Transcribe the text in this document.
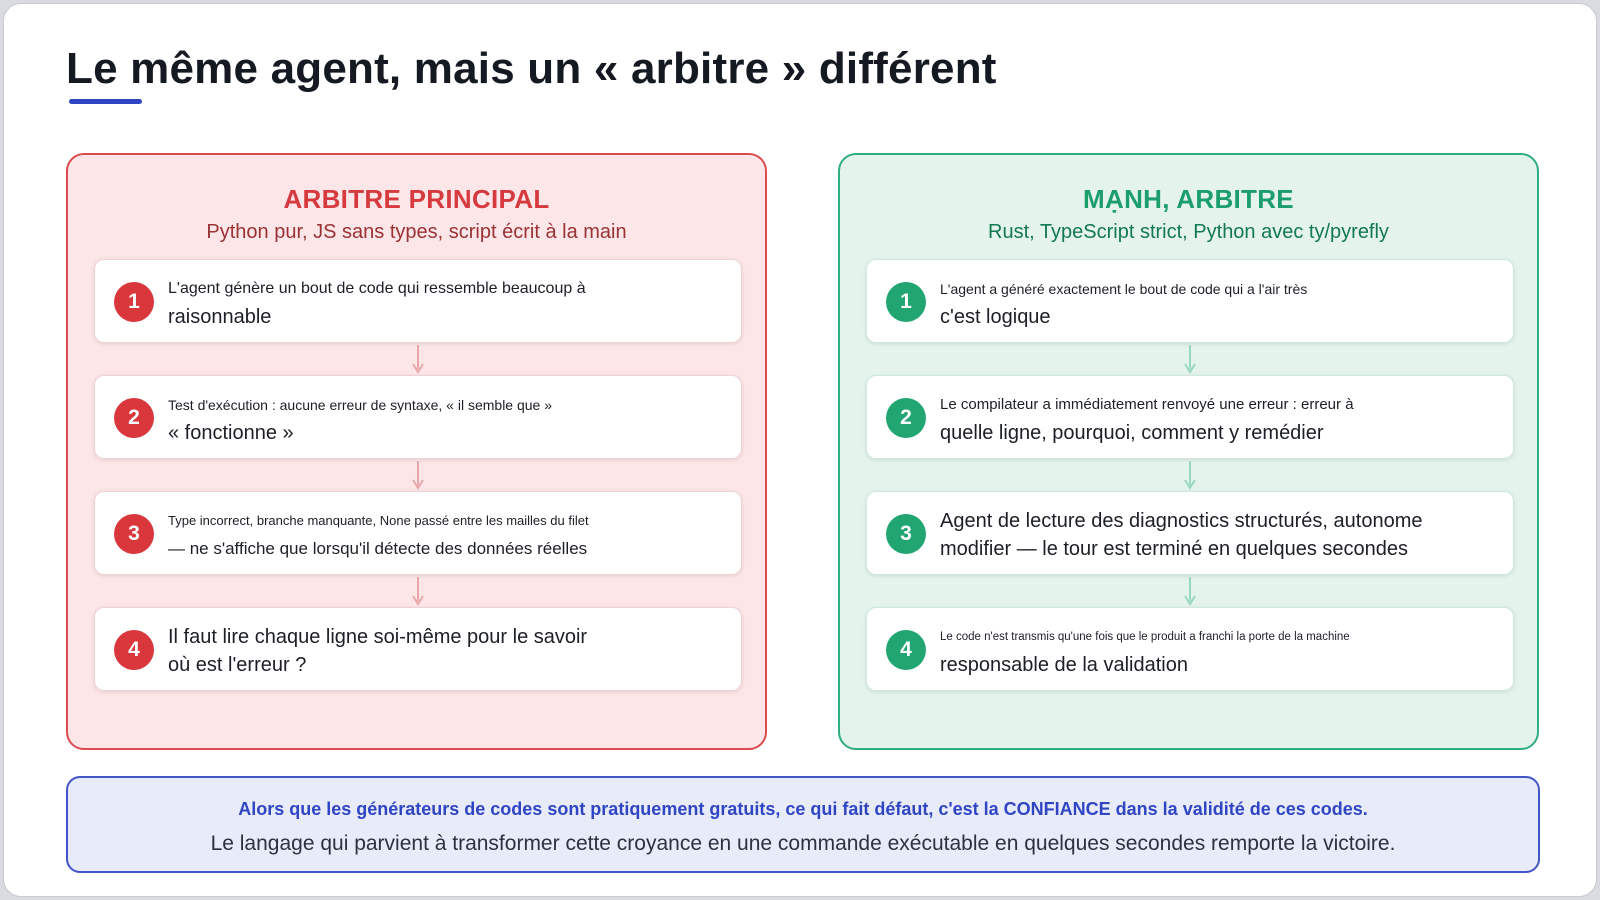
Le même agent, mais un « arbitre » différent
ARBITRE PRINCIPAL
Python pur, JS sans types, script écrit à la main
1
L'agent génère un bout de code qui ressemble beaucoup à
raisonnable
2
Test d'exécution : aucune erreur de syntaxe, « il semble que »
« fonctionne »
3
Type incorrect, branche manquante, None passé entre les mailles du filet
— ne s'affiche que lorsqu'il détecte des données réelles
4
Il faut lire chaque ligne soi-même pour le savoir
où est l'erreur ?
MẠNH, ARBITRE
Rust, TypeScript strict, Python avec ty/pyrefly
1
L'agent a généré exactement le bout de code qui a l'air très
c'est logique
2
Le compilateur a immédiatement renvoyé une erreur : erreur à
quelle ligne, pourquoi, comment y remédier
3
Agent de lecture des diagnostics structurés, autonome
modifier — le tour est terminé en quelques secondes
4
Le code n'est transmis qu'une fois que le produit a franchi la porte de la machine
responsable de la validation
Alors que les générateurs de codes sont pratiquement gratuits, ce qui fait défaut, c'est la CONFIANCE dans la validité de ces codes.
Le langage qui parvient à transformer cette croyance en une commande exécutable en quelques secondes remporte la victoire.
